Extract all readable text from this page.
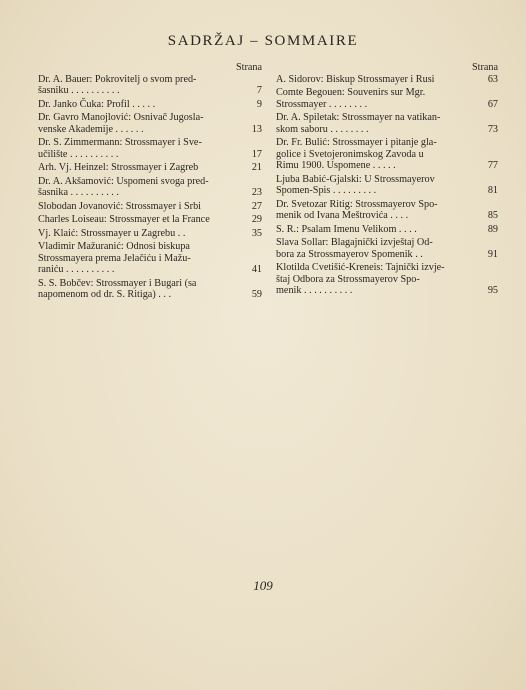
SADRŽAJ – SOMMAIRE
Strana
Dr. A. Bauer: Pokrovitelj o svom pred-
šasniku . . . . . . . . . .	7
Dr. Janko Čuka: Profil . . . . .	9
Dr. Gavro Manojlović: Osnivač Jugosla-
venske Akademije . . . . . .	13
Dr. S. Zimmermann: Strossmayer i Sve-
učilište . . . . . . . . . .	17
Arh. Vj. Heinzel: Strossmayer i Zagreb	21
Dr. A. Akšamović: Uspomeni svoga pred-
šasnika . . . . . . . . . .	23
Slobodan Jovanović: Strossmayer i Srbi	27
Charles Loiseau: Strossmayer et la France	29
Vj. Klaić: Strossmayer u Zagrebu . .	35
Vladimir Mažuranić: Odnosi biskupa
Strossmayera prema Jelačiću i Mažu-
raniću . . . . . . . . . .	41
S. S. Bobčev: Strossmayer i Bugari (sa
napomenom od dr. S. Ritiga) . . .	59
Strana
A. Sidorov: Biskup Strossmayer i Rusi	63
Comte Begouen: Souvenirs sur Mgr.
Strossmayer . . . . . . . .	67
Dr. A. Spiletak: Strossmayer na vatikan-
skom saboru . . . . . . . .	73
Dr. Fr. Bulić: Strossmayer i pitanje gla-
golice i Svetojeronimskog Zavoda u
Rimu 1900. Uspomene . . . . .	77
Ljuba Babić-Gjalski: U Strossmayerov
Spomen-Spis . . . . . . . . .	81
Dr. Svetozar Ritig: Strossmayerov Spo-
menik od Ivana Meštrovića . . . .	85
S. R.: Psalam Imenu Velikom . . . .	89
Slava Sollar: Blagajnički izvještaj Od-
bora za Strossmayerov Spomenik . .	91
Klotilda Cvetišić-Kreneis: Tajnički izvje-
štaj Odbora za Strossmayerov Spo-
menik . . . . . . . . . .	95
109
